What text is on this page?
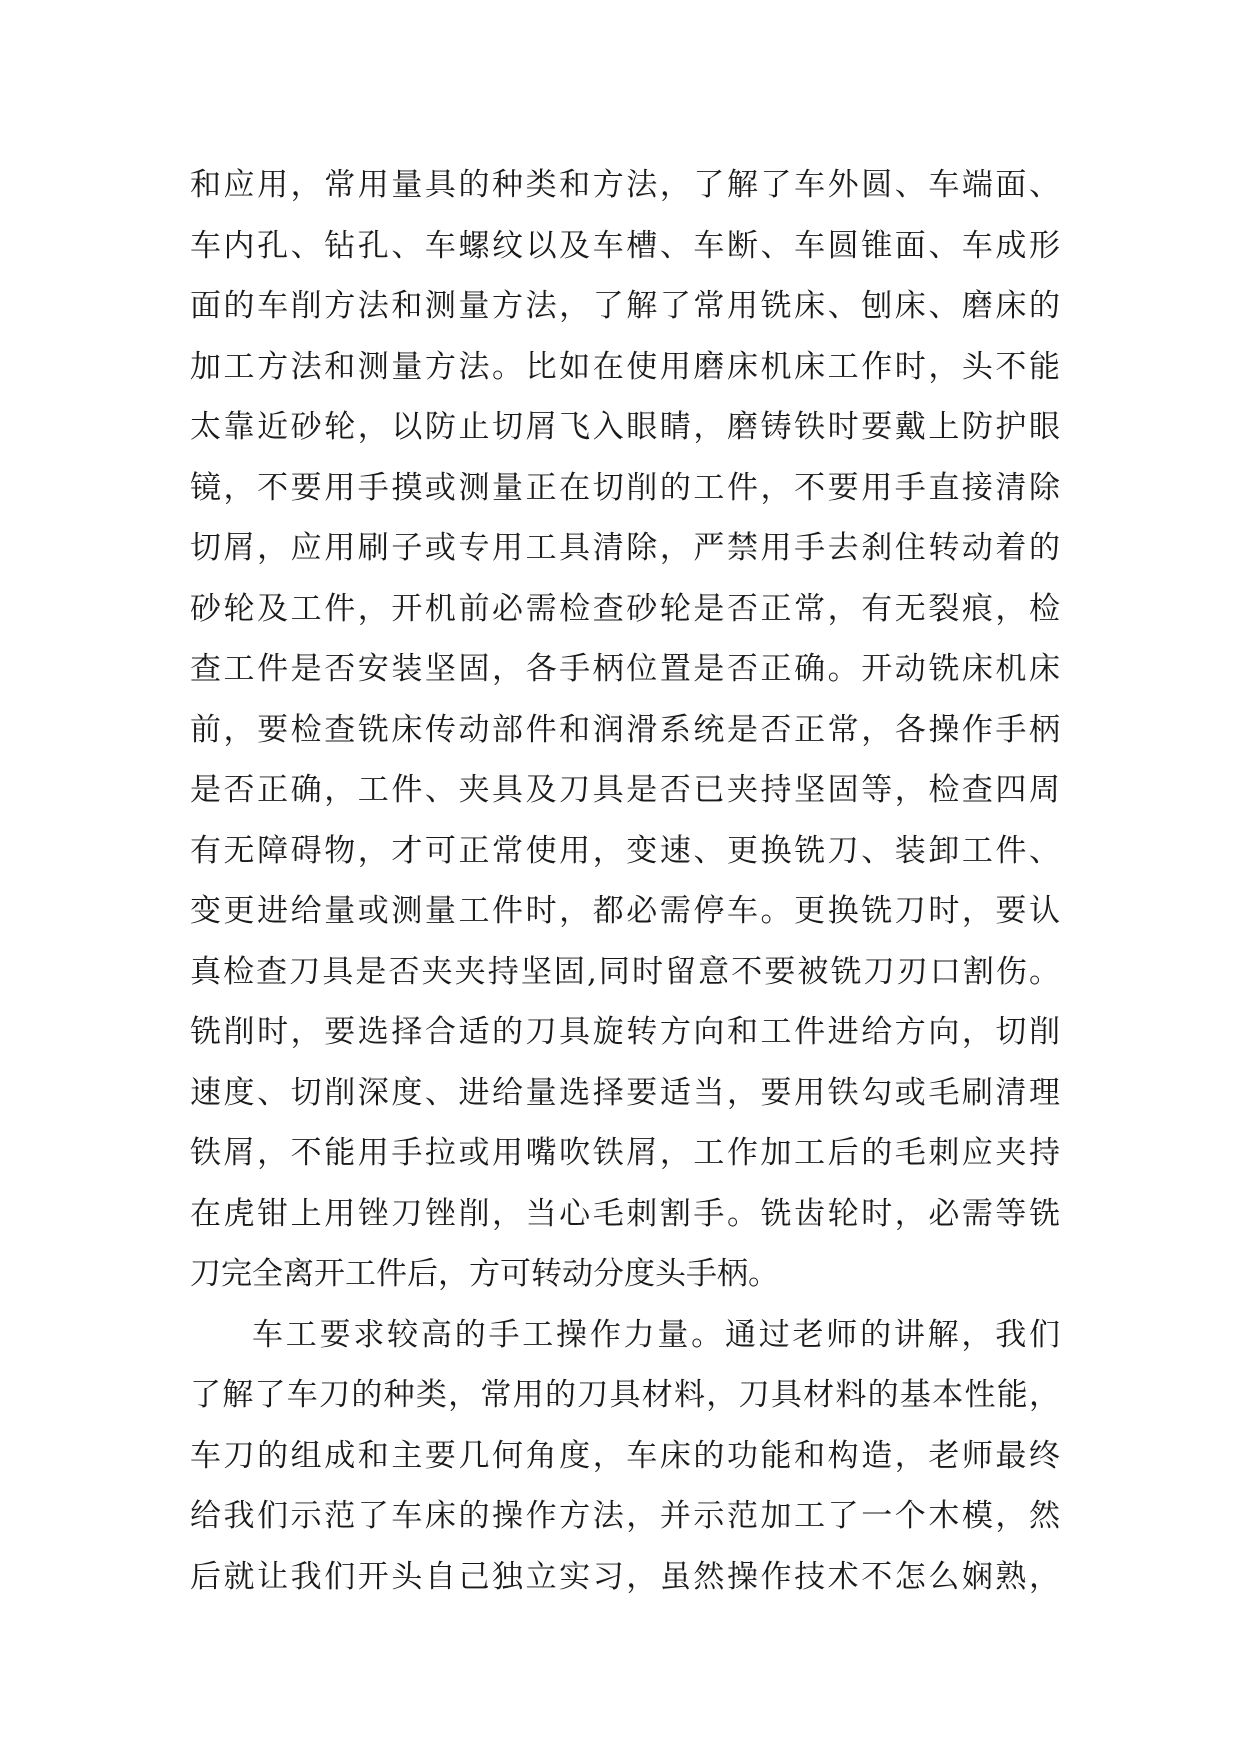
和应用，常用量具的种类和方法，了解了车外圆、车端面、
车内孔、钻孔、车螺纹以及车槽、车断、车圆锥面、车成形
面的车削方法和测量方法，了解了常用铣床、刨床、磨床的
加工方法和测量方法。比如在使用磨床机床工作时，头不能
太靠近砂轮，以防止切屑飞入眼睛，磨铸铁时要戴上防护眼
镜，不要用手摸或测量正在切削的工件，不要用手直接清除
切屑，应用刷子或专用工具清除，严禁用手去刹住转动着的
砂轮及工件，开机前必需检查砂轮是否正常，有无裂痕，检
查工件是否安装坚固，各手柄位置是否正确。开动铣床机床
前，要检查铣床传动部件和润滑系统是否正常，各操作手柄
是否正确，工件、夹具及刀具是否已夹持坚固等，检查四周
有无障碍物，才可正常使用，变速、更换铣刀、装卸工件、
变更进给量或测量工件时，都必需停车。更换铣刀时，要认
真检查刀具是否夹夹持坚固,同时留意不要被铣刀刃口割伤。
铣削时，要选择合适的刀具旋转方向和工件进给方向，切削
速度、切削深度、进给量选择要适当，要用铁勾或毛刷清理
铁屑，不能用手拉或用嘴吹铁屑，工作加工后的毛刺应夹持
在虎钳上用锉刀锉削，当心毛刺割手。铣齿轮时，必需等铣
刀完全离开工件后，方可转动分度头手柄。
车工要求较高的手工操作力量。通过老师的讲解，我们
了解了车刀的种类，常用的刀具材料，刀具材料的基本性能，
车刀的组成和主要几何角度，车床的功能和构造，老师最终
给我们示范了车床的操作方法，并示范加工了一个木模，然
后就让我们开头自己独立实习，虽然操作技术不怎么娴熟，
